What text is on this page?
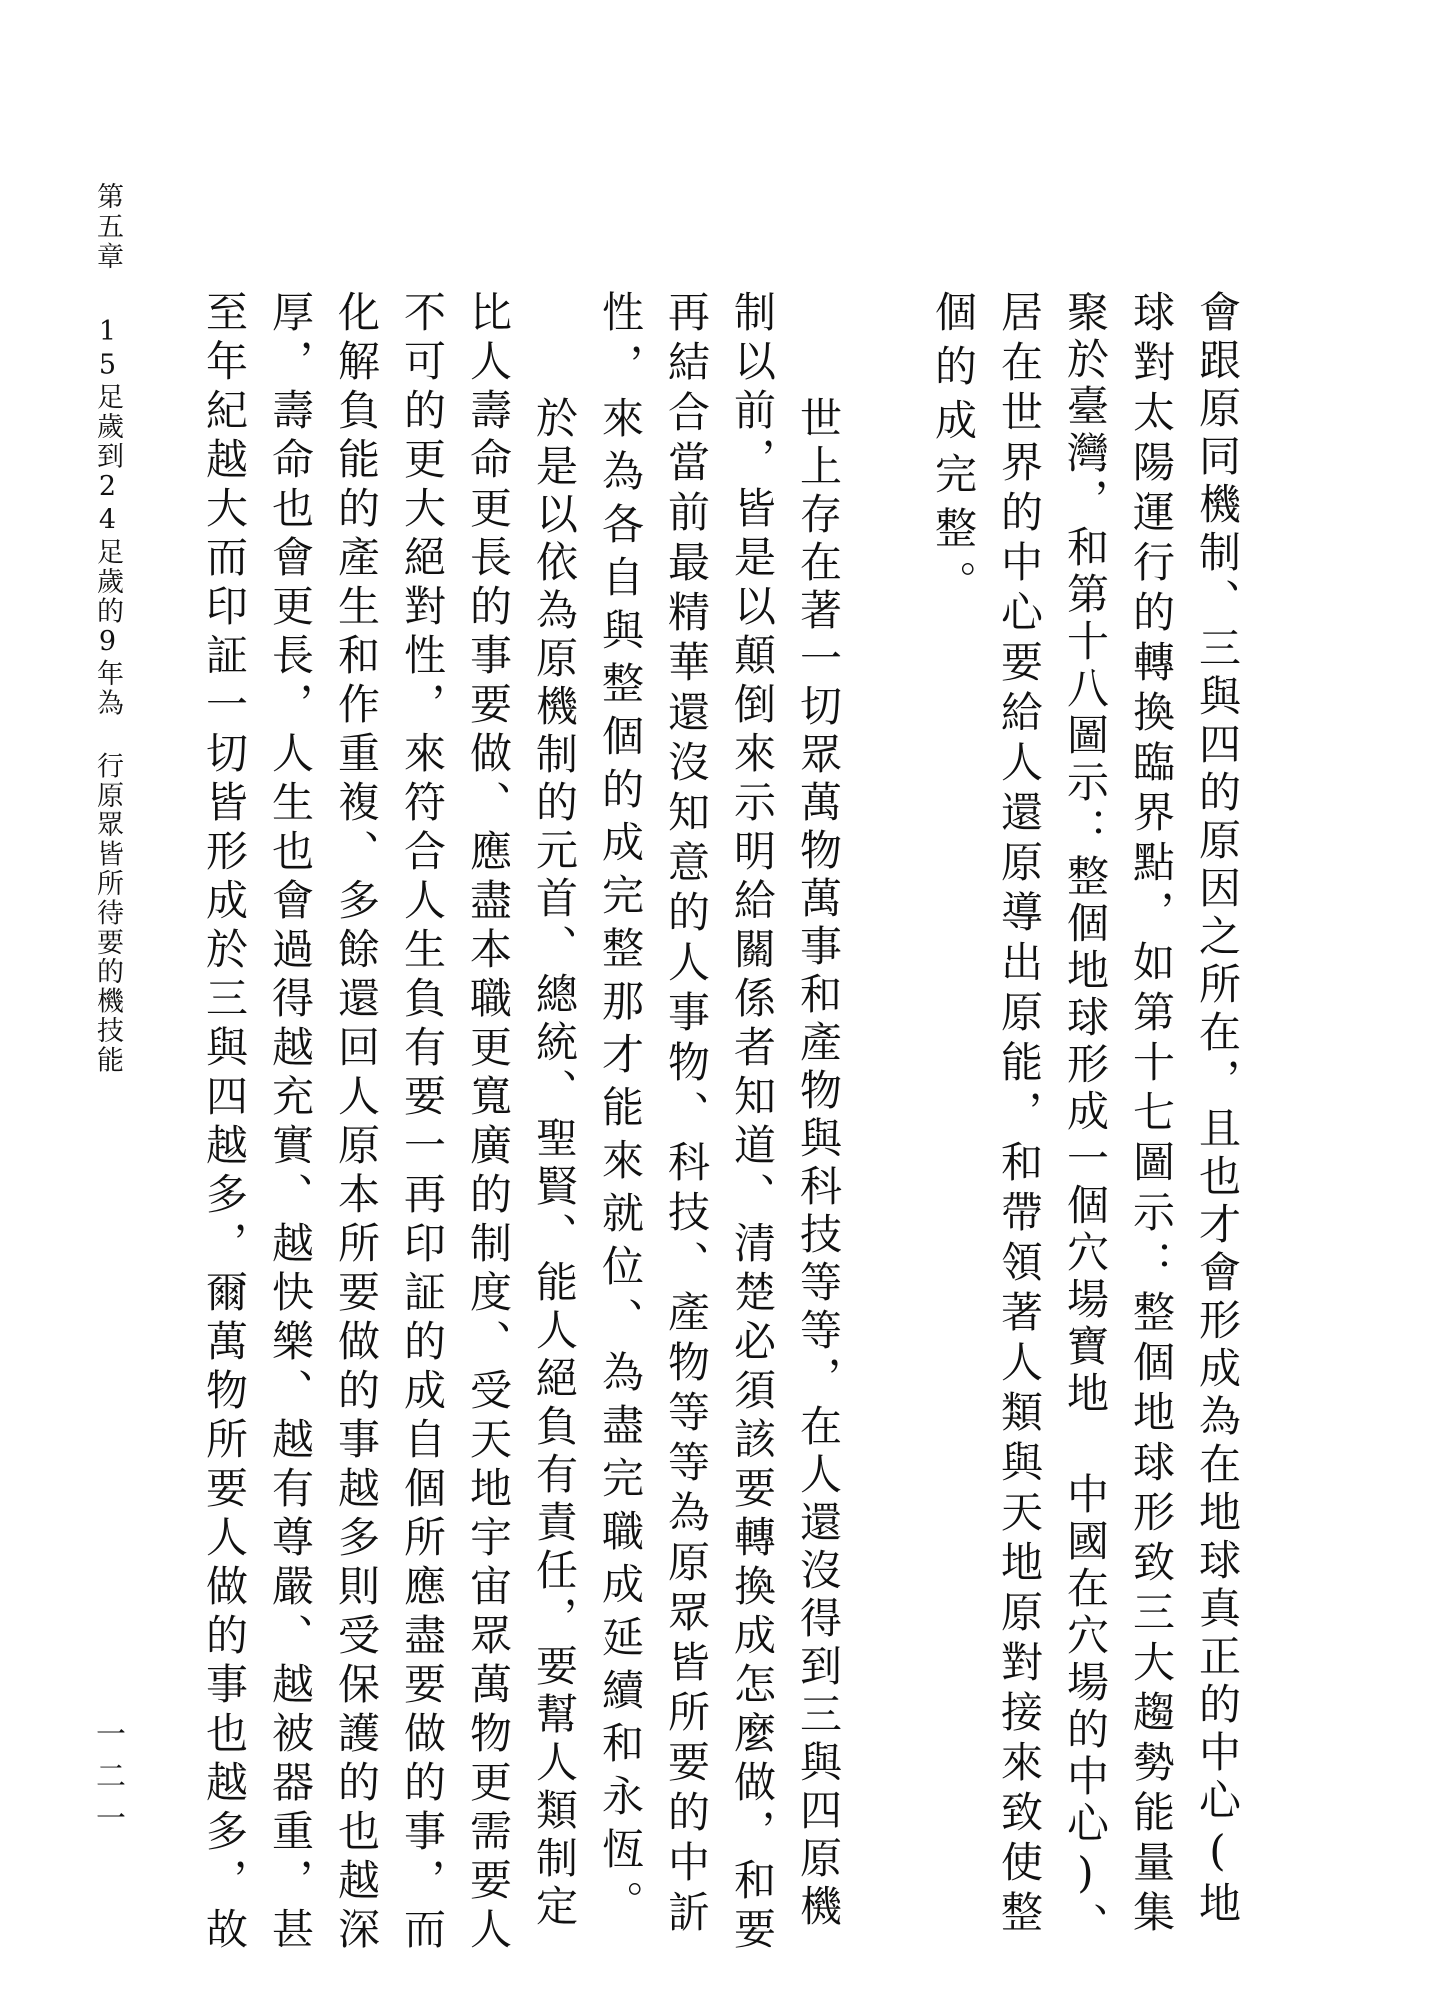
第五章
15足歲到24足歲的9年為 行原眾皆所待要的機技能	會跟原同機制、三與四的原因之所在，且也才會形成為在地球真正的中心(地
球對太陽運行的轉換臨界點，如第十七圖示：整個地球形致三大趨勢能量集
聚於臺灣，和第十八圖示：整個地球形成一個穴場寶地 中國在穴場的中心)、
居在世界的中心要給人還原導出原能，和帶領著人類與天地原對接來致使整
個的成完整。
世上存在著一切眾萬物萬事和產物與科技等等，在人還沒得到三與四原機
制以前，皆是以顛倒來示明給關係者知道、清楚必須該要轉換成怎麼做，和要
再結合當前最精華還沒知意的人事物、科技、產物等等為原眾皆所要的中訢
性，來為各自與整個的成完整那才能來就位、為盡完職成延續和永恆。
於是以依為原機制的元首、總統、聖賢、能人絕負有責任，要幫人類制定
比人壽命更長的事要做、應盡本職更寬廣的制度、受天地宇宙眾萬物更需要人
不可的更大絕對性，來符合人生負有要一再印証的成自個所應盡要做的事，而
化解負能的產生和作重複、多餘還回人原本所要做的事越多則受保護的也越深
厚，壽命也會更長，人生也會過得越充實、越快樂、越有尊嚴、越被器重，甚
至年紀越大而印証一切皆形成於三與四越多，爾萬物所要人做的事也越多，故
一二一
